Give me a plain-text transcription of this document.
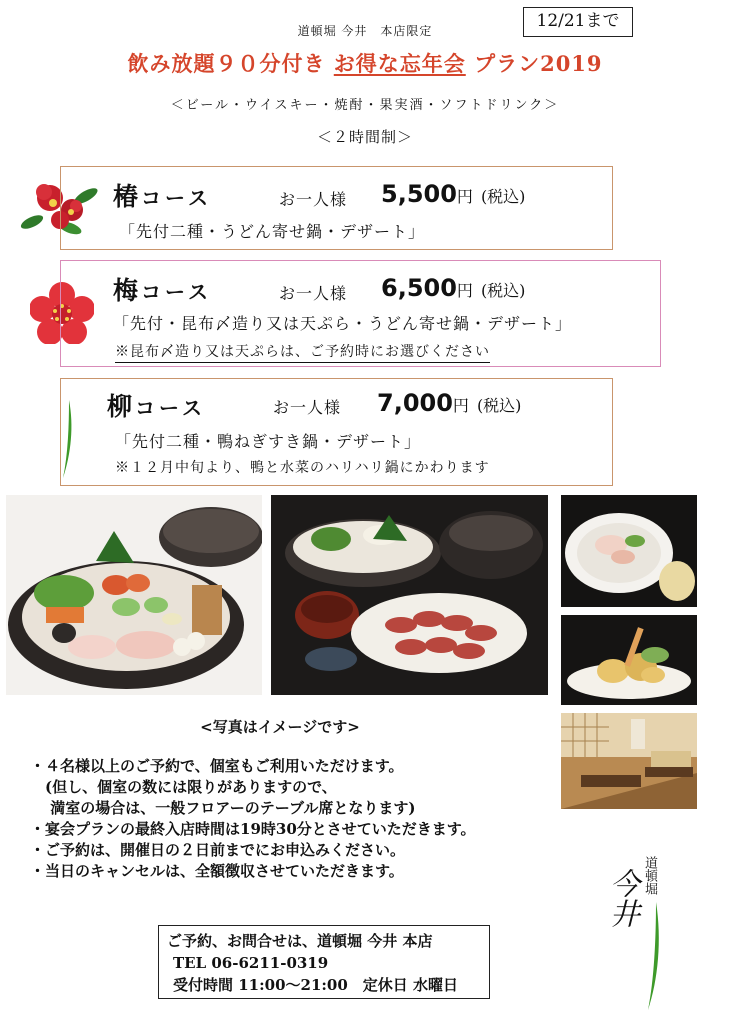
12/21まで
道頓堀 今井　本店限定
飲み放題９０分付き お得な忘年会 プラン2019
＜ビール・ウイスキー・焼酎・果実酒・ソフトドリンク＞
＜２時間制＞
椿コース	お一人様 5,500円 (税込)
「先付二種・うどん寄せ鍋・デザート」
梅コース	お一人様 6,500円 (税込)
「先付・昆布〆造り又は天ぷら・うどん寄せ鍋・デザート」
※昆布〆造り又は天ぷらは、ご予約時にお選びください
柳コース	お一人様 7,000円 (税込)
「先付二種・鴨ねぎすき鍋・デザート」
※１２月中旬より、鴨と水菜のハリハリ鍋にかわります
<写真はイメージです>
・４名様以上のご予約で、個室もご利用いただけます。
　(但し、個室の数には限りがありますので、
　 満室の場合は、一般フロアーのテーブル席となります)
・宴会プランの最終入店時間は19時30分とさせていただきます。
・ご予約は、開催日の２日前までにお申込みください。
・当日のキャンセルは、全額徴収させていただきます。
ご予約、お問合せは、道頓堀 今井 本店
TEL 06-6211-0319
受付時間 11:00～21:00　定休日 水曜日
道頓堀
今井
